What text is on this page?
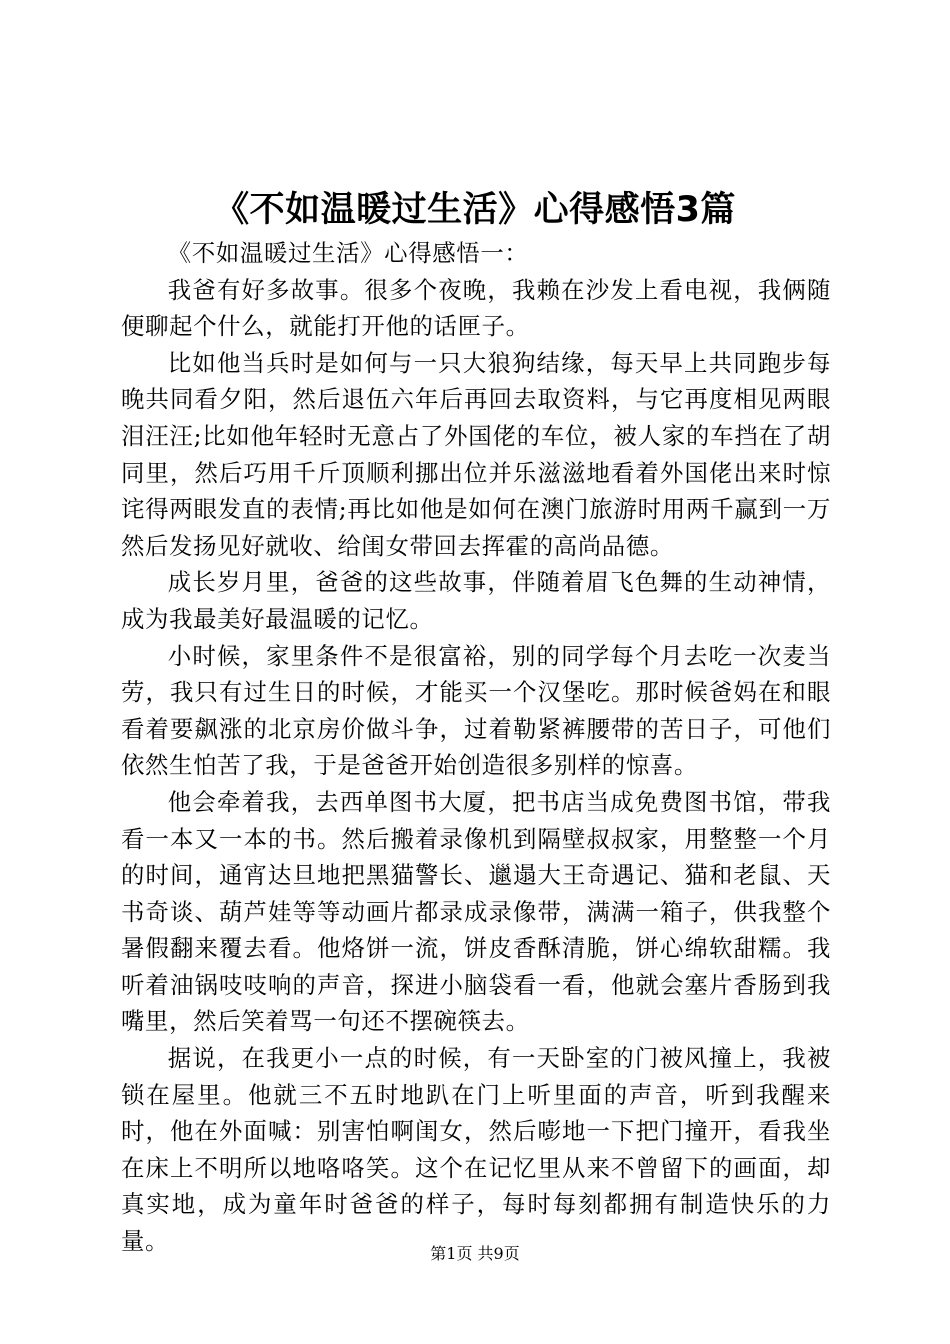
《不如温暖过生活》心得感悟3篇

《不如温暖过生活》心得感悟一：

我爸有好多故事。很多个夜晚，我赖在沙发上看电视，我俩随便聊起个什么，就能打开他的话匣子。

比如他当兵时是如何与一只大狼狗结缘，每天早上共同跑步每晚共同看夕阳，然后退伍六年后再回去取资料，与它再度相见两眼泪汪汪;比如他年轻时无意占了外国佬的车位，被人家的车挡在了胡同里，然后巧用千斤顶顺利挪出位并乐滋滋地看着外国佬出来时惊诧得两眼发直的表情;再比如他是如何在澳门旅游时用两千赢到一万然后发扬见好就收、给闺女带回去挥霍的高尚品德。

成长岁月里，爸爸的这些故事，伴随着眉飞色舞的生动神情，成为我最美好最温暖的记忆。

小时候，家里条件不是很富裕，别的同学每个月去吃一次麦当劳，我只有过生日的时候，才能买一个汉堡吃。那时候爸妈在和眼看着要飙涨的北京房价做斗争，过着勒紧裤腰带的苦日子，可他们依然生怕苦了我，于是爸爸开始创造很多别样的惊喜。

他会牵着我，去西单图书大厦，把书店当成免费图书馆，带我看一本又一本的书。然后搬着录像机到隔壁叔叔家，用整整一个月的时间，通宵达旦地把黑猫警长、邋遢大王奇遇记、猫和老鼠、天书奇谈、葫芦娃等等动画片都录成录像带，满满一箱子，供我整个暑假翻来覆去看。他烙饼一流，饼皮香酥清脆，饼心绵软甜糯。我听着油锅吱吱响的声音，探进小脑袋看一看，他就会塞片香肠到我嘴里，然后笑着骂一句还不摆碗筷去。

据说，在我更小一点的时候，有一天卧室的门被风撞上，我被锁在屋里。他就三不五时地趴在门上听里面的声音，听到我醒来时，他在外面喊：别害怕啊闺女，然后嘭地一下把门撞开，看我坐在床上不明所以地咯咯笑。这个在记忆里从来不曾留下的画面，却真实地，成为童年时爸爸的样子，每时每刻都拥有制造快乐的力量。	第1页 共9页
